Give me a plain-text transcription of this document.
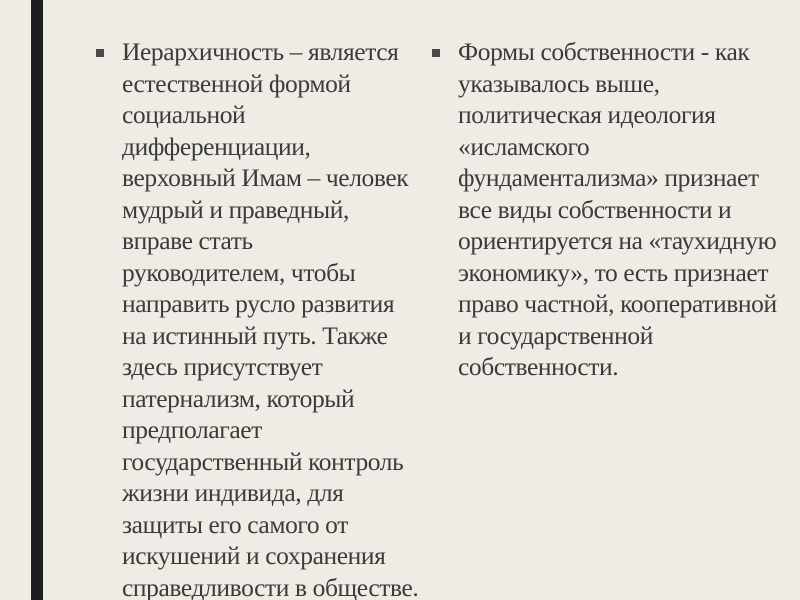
Иерархичность – является естественной формой социальной дифференциации, верховный Имам – человек мудрый и праведный, вправе стать руководителем, чтобы направить русло развития на истинный путь. Также здесь присутствует патернализм, который предполагает государственный контроль жизни индивида, для защиты его самого от искушений и сохранения справедливости в обществе.
Формы собственности - как указывалось выше, политическая идеология «исламского фундаментализма» признает все виды собственности и ориентируется на «таухидную экономику», то есть признает право частной, кооперативной и государственной собственности.
